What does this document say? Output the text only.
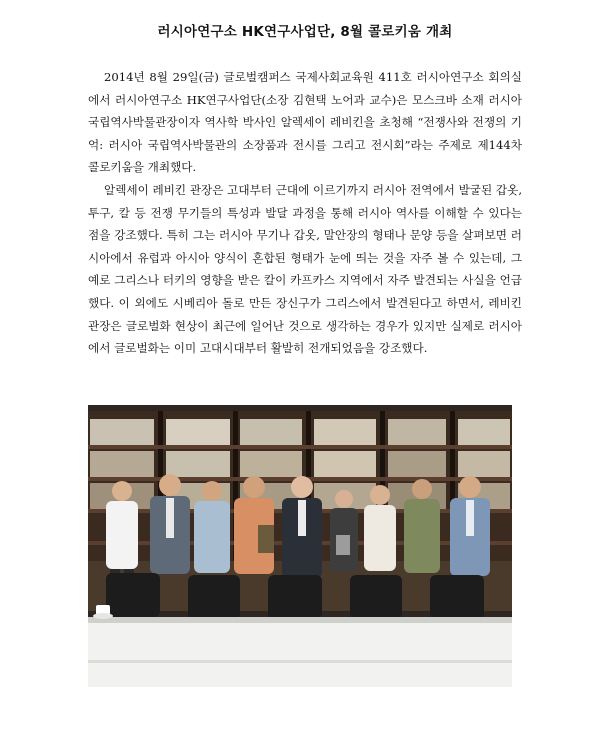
러시아연구소 HK연구사업단, 8월 콜로키움 개최

2014년 8월 29일(금) 글로벌캠퍼스 국제사회교육원 411호 러시아연구소 회의실에서 러시아연구소 HK연구사업단(소장 김현택 노어과 교수)은 모스크바 소재 러시아국립역사박물관장이자 역사학 박사인 알렉세이 레비킨을 초청해 “전쟁사와 전쟁의 기억: 러시아 국립역사박물관의 소장품과 전시를 그리고 전시회”라는 주제로 제144차 콜로키움을 개최했다.

알렉세이 레비킨 관장은 고대부터 근대에 이르기까지 러시아 전역에서 발굴된 갑옷, 투구, 칼 등 전쟁 무기들의 특성과 발달 과정을 통해 러시아 역사를 이해할 수 있다는 점을 강조했다. 특히 그는 러시아 무기나 갑옷, 말안장의 형태나 문양 등을 살펴보면 러시아에서 유럽과 아시아 양식이 혼합된 형태가 눈에 띄는 것을 자주 볼 수 있는데, 그 예로 그리스나 터키의 영향을 받은 칼이 카프카스 지역에서 자주 발견되는 사실을 언급했다. 이 외에도 시베리아 돌로 만든 장신구가 그리스에서 발견된다고 하면서, 레비킨 관장은 글로벌화 현상이 최근에 일어난 것으로 생각하는 경우가 있지만 실제로 러시아에서 글로벌화는 이미 고대시대부터 활발히 전개되었음을 강조했다.
